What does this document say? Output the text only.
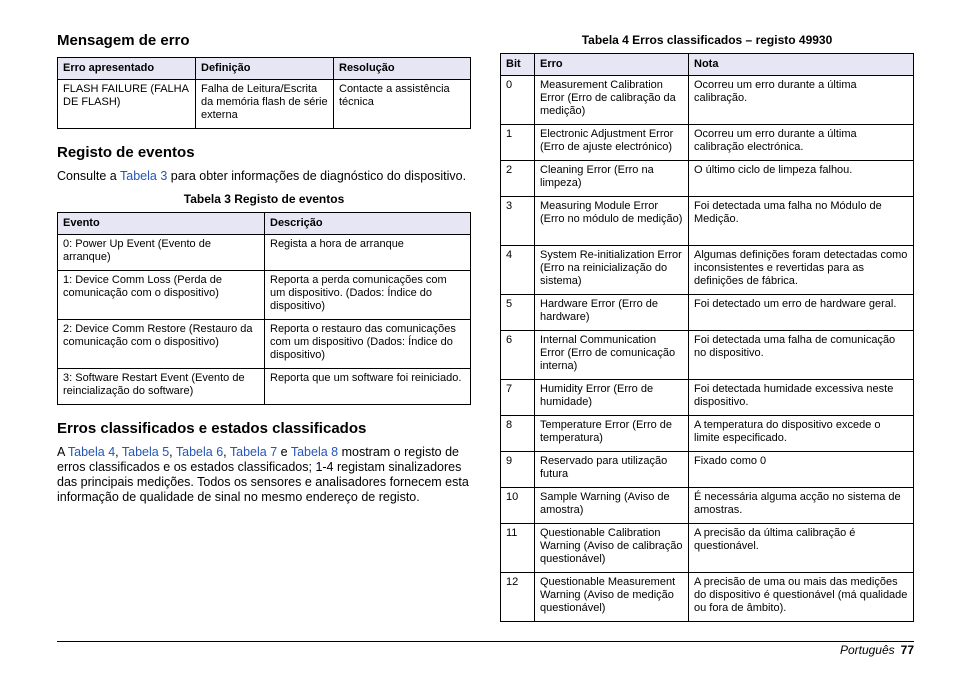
Mensagem de erro
Erro apresentado	Definição	Resolução
FLASH FAILURE (FALHA DE FLASH)	Falha de Leitura/Escrita da memória flash de série externa	Contacte a assistência técnica
Registo de eventos

Consulte a Tabela 3 para obter informações de diagnóstico do dispositivo.

Tabela 3 Registo de eventos
Evento	Descrição
0: Power Up Event (Evento de arranque)	Regista a hora de arranque
1: Device Comm Loss (Perda de comunicação com o dispositivo)	Reporta a perda comunicações com um dispositivo. (Dados: Índice do dispositivo)
2: Device Comm Restore (Restauro da comunicação com o dispositivo)	Reporta o restauro das comunicações com um dispositivo (Dados: Índice do dispositivo)
3: Software Restart Event (Evento de reincialização do software)	Reporta que um software foi reiniciado.
Erros classificados e estados classificados

A Tabela 4, Tabela 5, Tabela 6, Tabela 7 e Tabela 8 mostram o registo de erros classificados e os estados classificados; 1-4 registam sinalizadores das principais medições. Todos os sensores e analisadores fornecem esta informação de qualidade de sinal no mesmo endereço de registo.

Tabela 4 Erros classificados – registo 49930
Bit	Erro	Nota
0	Measurement Calibration Error (Erro de calibração da medição)	Ocorreu um erro durante a última calibração.
1	Electronic Adjustment Error (Erro de ajuste electrónico)	Ocorreu um erro durante a última calibração electrónica.
2	Cleaning Error (Erro na limpeza)	O último ciclo de limpeza falhou.
3	Measuring Module Error (Erro no módulo de medição)	Foi detectada uma falha no Módulo de Medição.
4	System Re-initialization Error (Erro na reinicialização do sistema)	Algumas definições foram detectadas como inconsistentes e revertidas para as definições de fábrica.
5	Hardware Error (Erro de hardware)	Foi detectado um erro de hardware geral.
6	Internal Communication Error (Erro de comunicação interna)	Foi detectada uma falha de comunicação no dispositivo.
7	Humidity Error (Erro de humidade)	Foi detectada humidade excessiva neste dispositivo.
8	Temperature Error (Erro de temperatura)	A temperatura do dispositivo excede o limite especificado.
9	Reservado para utilização futura	Fixado como 0
10	Sample Warning (Aviso de amostra)	É necessária alguma acção no sistema de amostras.
11	Questionable Calibration Warning (Aviso de calibração questionável)	A precisão da última calibração é questionável.
12	Questionable Measurement Warning (Aviso de medição questionável)	A precisão de uma ou mais das medições do dispositivo é questionável (má qualidade ou fora de âmbito).
Português 77
